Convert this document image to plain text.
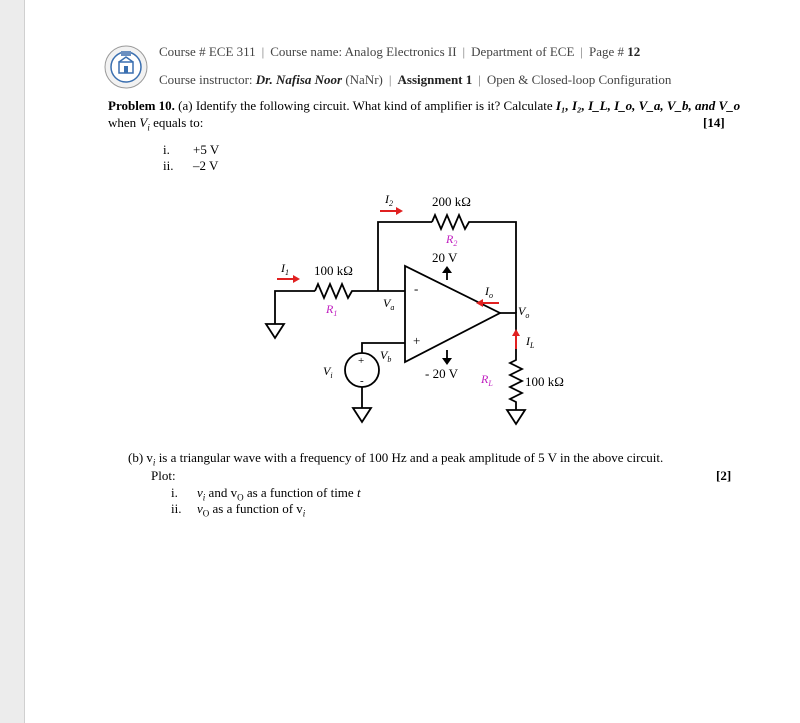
Course # ECE 311 | Course name: Analog Electronics II | Department of ECE | Page # 12
Course instructor: Dr. Nafisa Noor (NaNr) | Assignment 1 | Open & Closed-loop Configuration
Problem 10. (a) Identify the following circuit. What kind of amplifier is it? Calculate I₁, I₂, I_L, I_o, V_a, V_b, and V_o
when $V_i$ equals to:	[14]
i. +5 V
ii. –2 V
200 kΩ
$R_2$
20 V
100 kΩ
$R_1$
-
+
- 20 V $R_L$ 100 kΩ
$I_1$
$I_2$
$I_o$
$I_L$
$V_a$
$V_b$
$V_o$
$V_i$
+
-
(b) $v_i$ is a triangular wave with a frequency of 100 Hz and a peak amplitude of 5 V in the above circuit.
Plot:	[2]
i. $v_i$ and $v_O$ as a function of time t
ii. $v_O$ as a function of $v_i$
